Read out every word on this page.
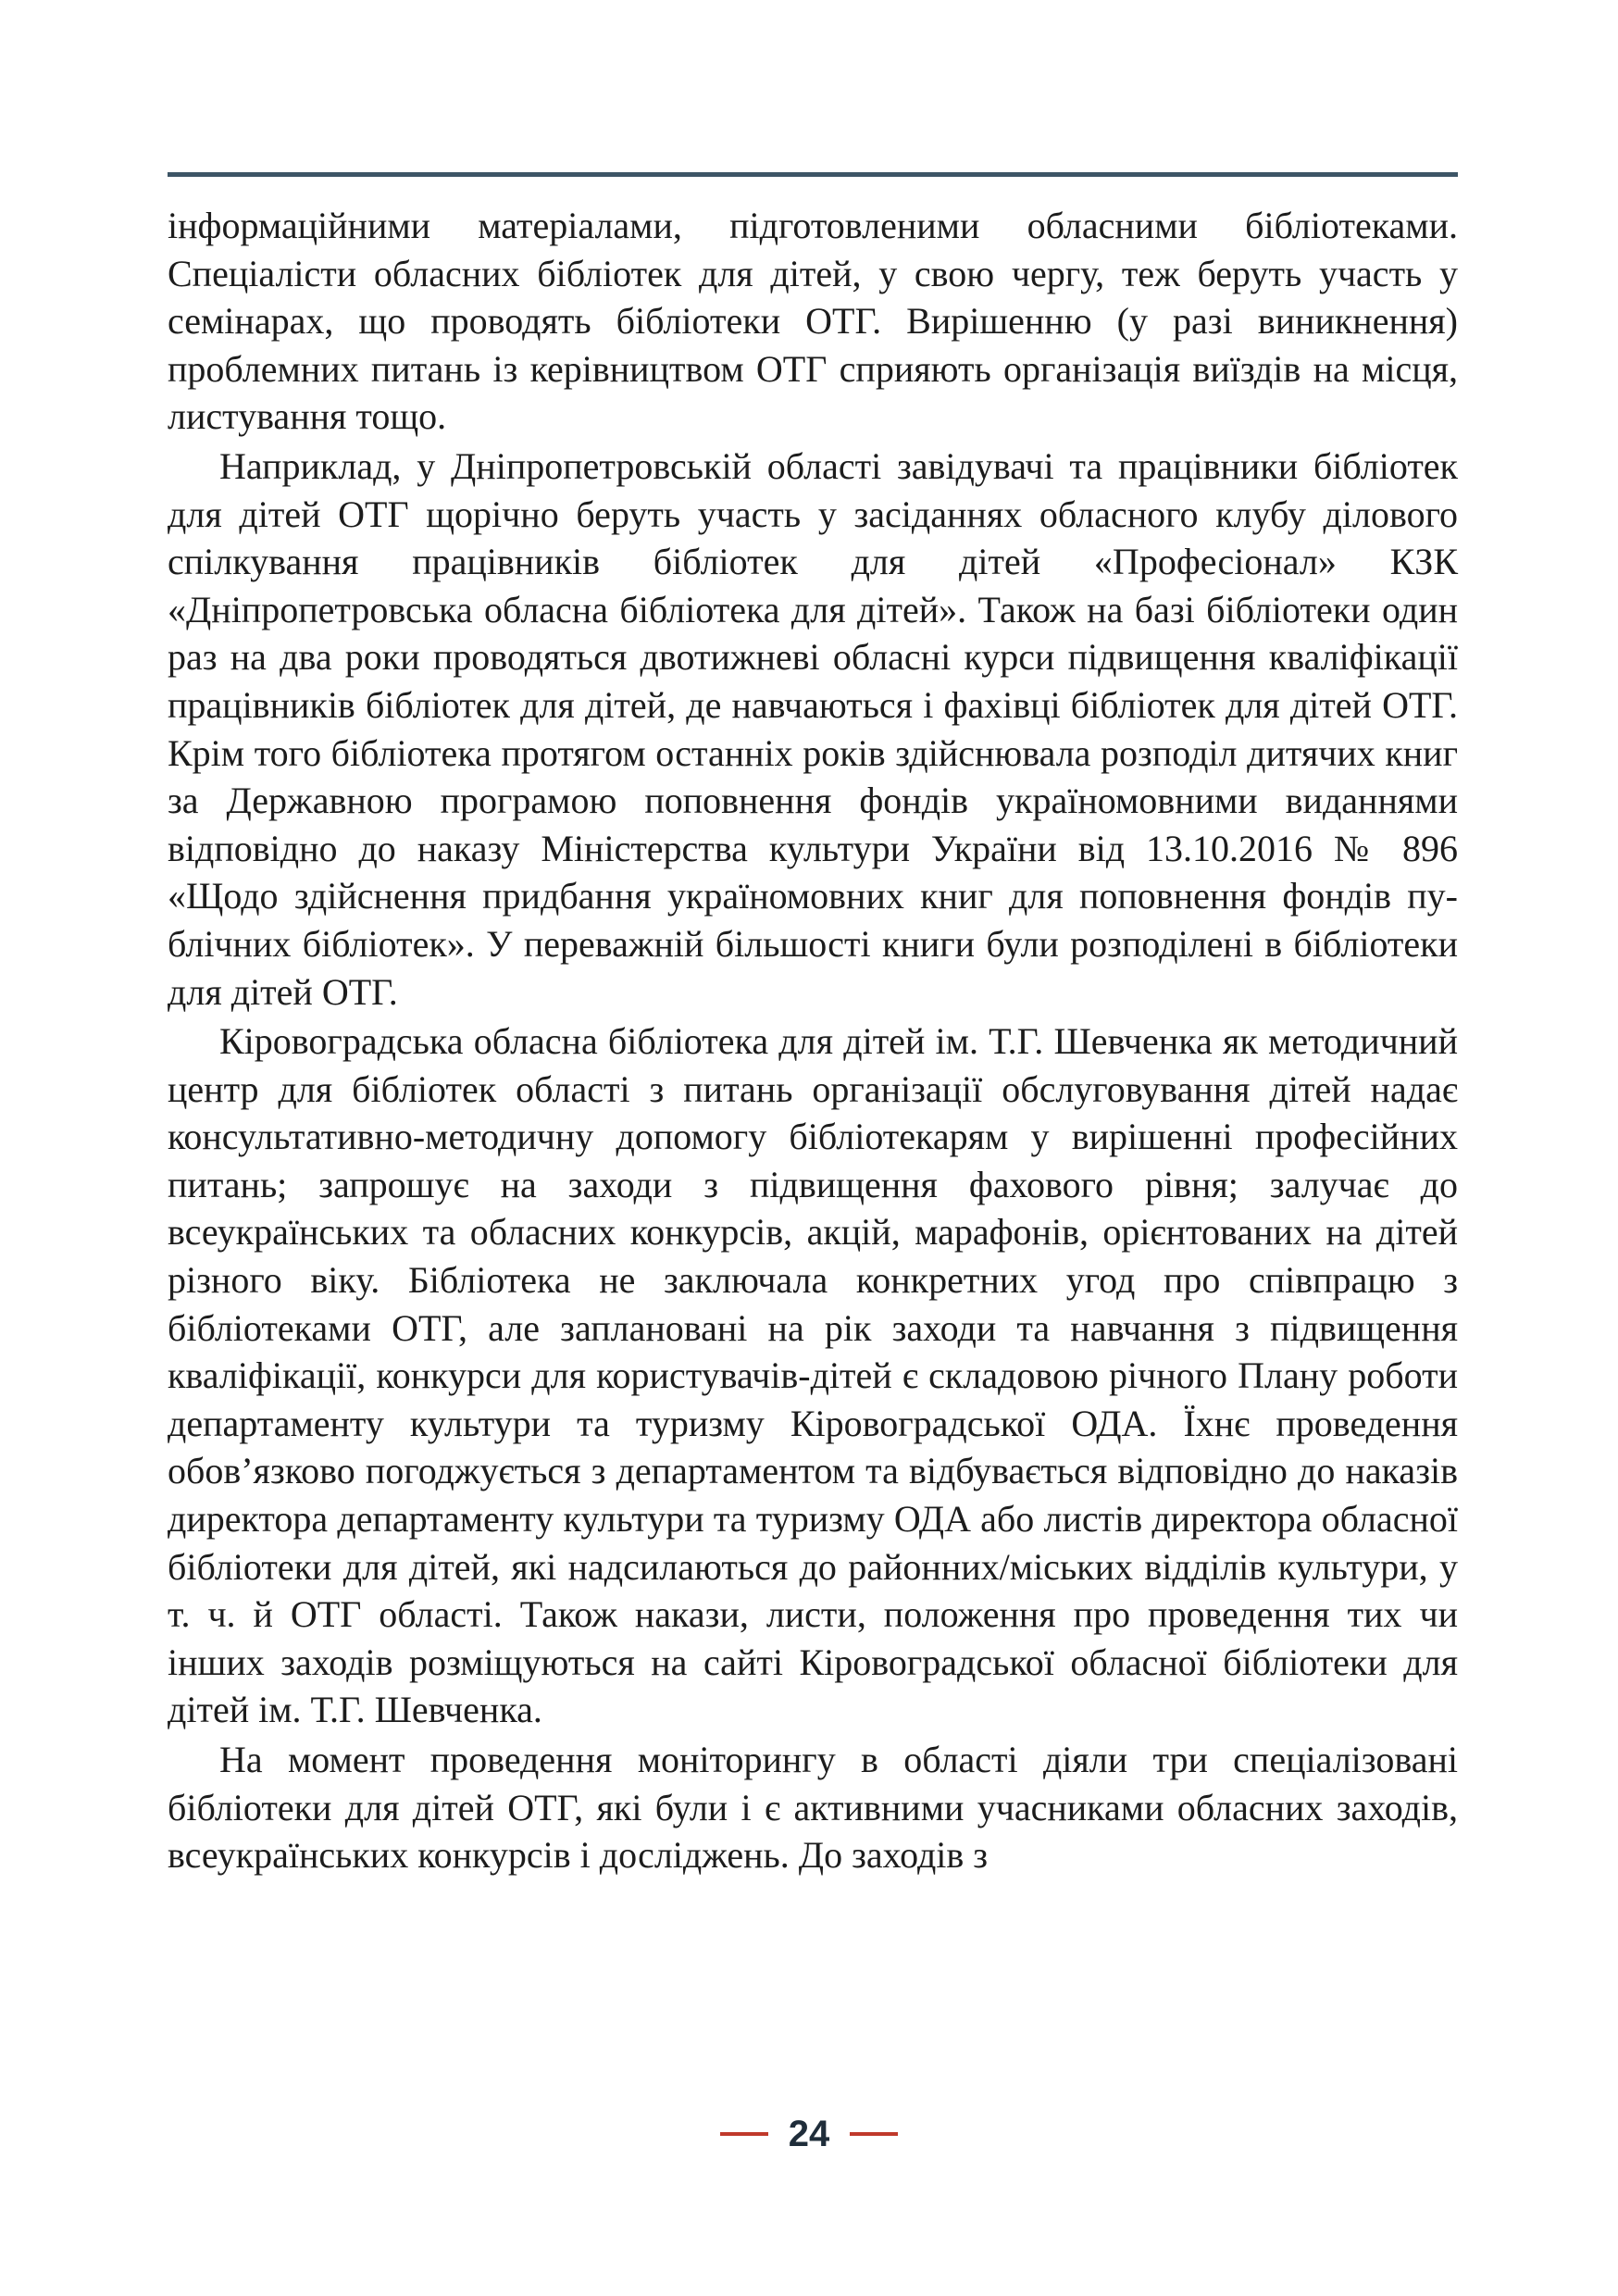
інформаційними матеріалами, підготовленими обласними бібліотеками. Спеціалісти обласних бібліотек для дітей, у свою чергу, теж беруть участь у семінарах, що проводять бібліотеки ОТГ. Вирішенню (у разі виникнення) проблемних питань із керівництвом ОТГ сприяють організація виїздів на місця, листування тощо.

Наприклад, у Дніпропетровській області завідувачі та працівники бібліотек для дітей ОТГ щорічно беруть участь у засіданнях обласного клубу ділового спілкування працівників бібліотек для дітей «Професіонал» КЗК «Дніпропетровська обласна бібліотека для дітей». Також на базі бібліотеки один раз на два роки проводяться двотижневі обласні курси підвищення кваліфікації працівників бібліотек для дітей, де навчаються і фахівці бібліотек для дітей ОТГ. Крім того бібліотека протягом останніх років здійснювала розподіл дитячих книг за Державною програмою поповнення фондів україномовними виданнями відповідно до наказу Міністерства культури України від 13.10.2016 № 896 «Щодо здійснення придбання україномовних книг для поповнення фондів публічних бібліотек». У переважній більшості книги були розподілені в бібліотеки для дітей ОТГ.

Кіровоградська обласна бібліотека для дітей ім. Т.Г. Шевченка як методичний центр для бібліотек області з питань організації обслуговування дітей надає консультативно-методичну допомогу бібліотекарям у вирішенні професійних питань; запрошує на заходи з підвищення фахового рівня; залучає до всеукраїнських та обласних конкурсів, акцій, марафонів, орієнтованих на дітей різного віку. Бібліотека не заключала конкретних угод про співпрацю з бібліотеками ОТГ, але заплановані на рік заходи та навчання з підвищення кваліфікації, конкурси для користувачів-дітей є складовою річного Плану роботи департаменту культури та туризму Кіровоградської ОДА. Їхнє проведення обов’язково погоджується з департаментом та відбувається відповідно до наказів директора департаменту культури та туризму ОДА або листів директора обласної бібліотеки для дітей, які надсилаються до районних/міських відділів культури, у т. ч. й ОТГ області. Також накази, листи, положення про проведення тих чи інших заходів розміщуються на сайті Кіровоградської обласної бібліотеки для дітей ім. Т.Г. Шевченка.

На момент проведення моніторингу в області діяли три спеціалізовані бібліотеки для дітей ОТГ, які були і є активними учасниками обласних заходів, всеукраїнських конкурсів і досліджень. До заходів з

24
